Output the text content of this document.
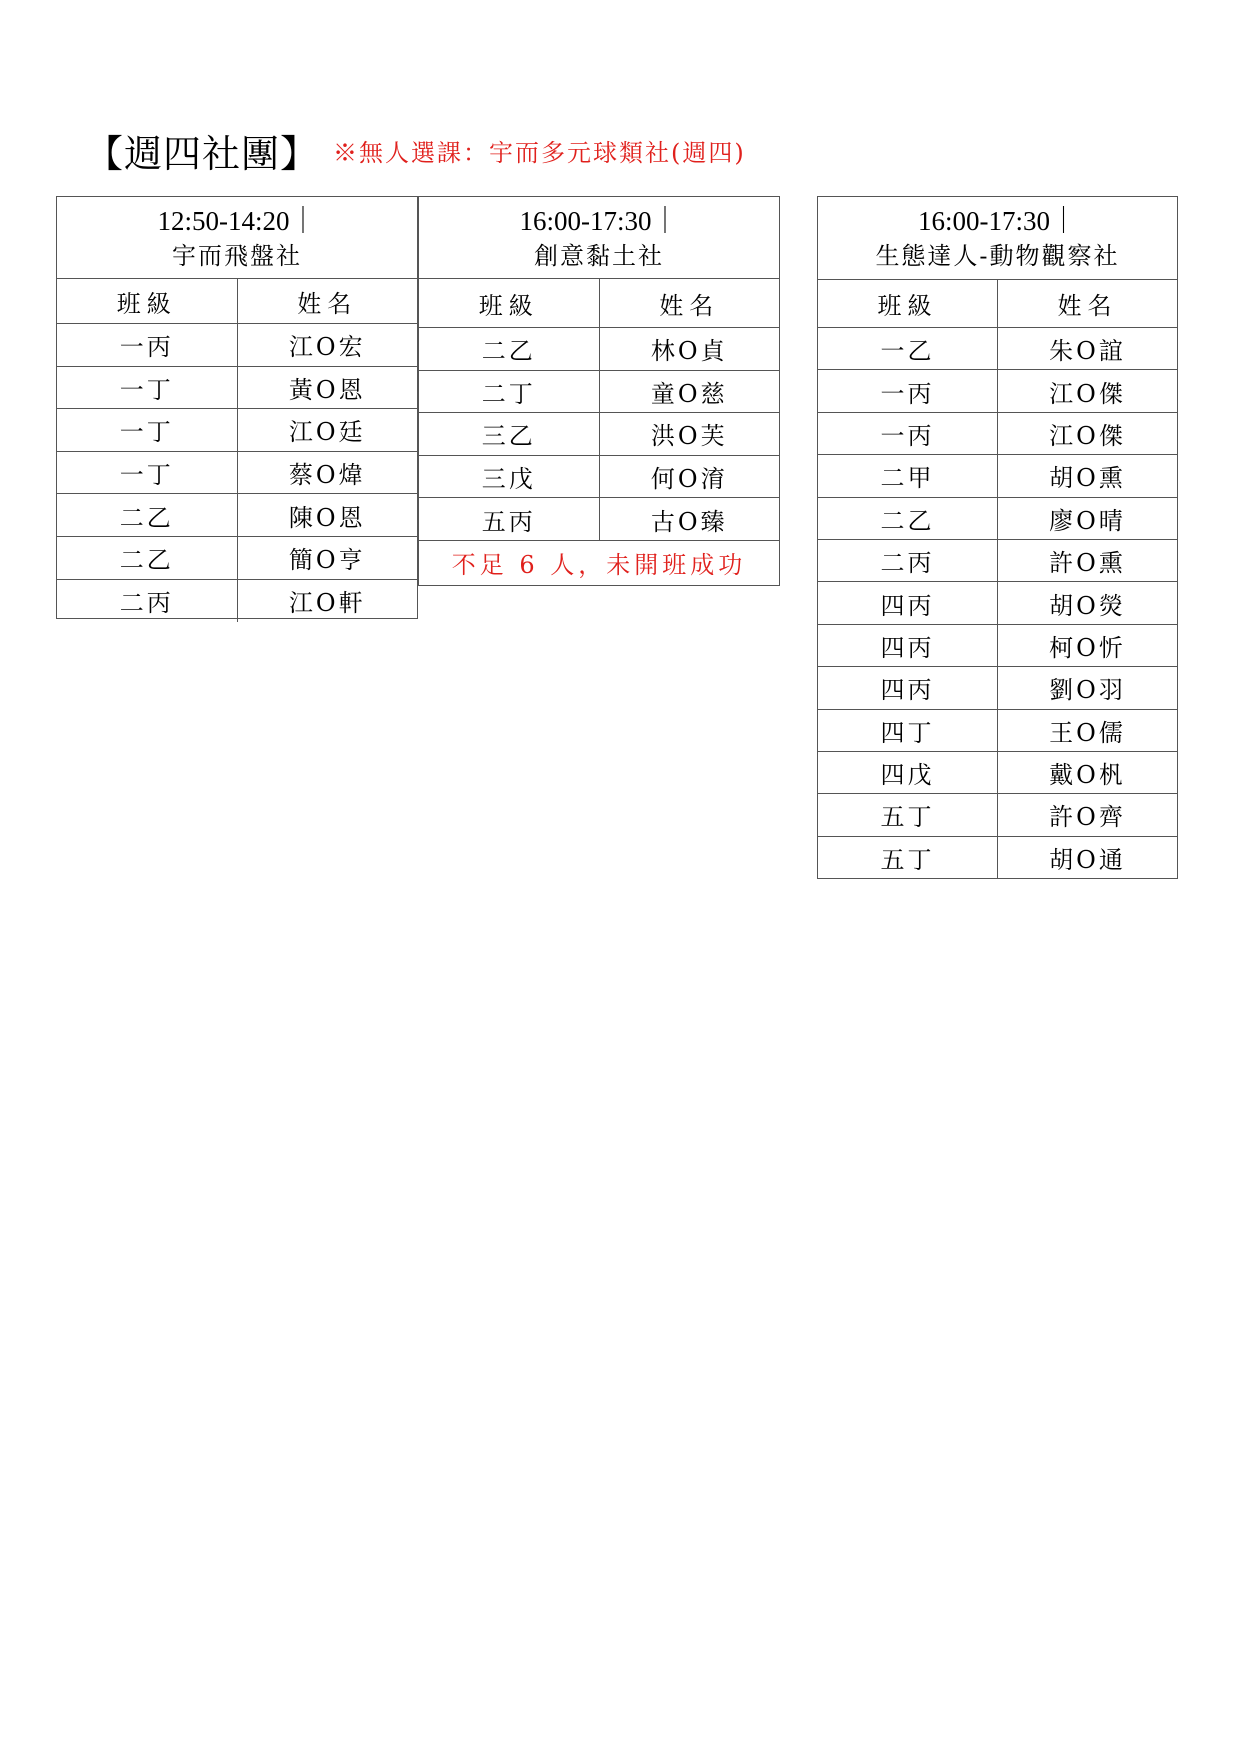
【週四社團】 ※無人選課：宇而多元球類社(週四)
12:50-14:20｜
宇而飛盤社
班級	姓名
一丙	江O宏
一丁	黃O恩
一丁	江O廷
一丁	蔡O煒
二乙	陳O恩
二乙	簡O亨
二丙	江O軒
16:00-17:30｜
創意黏土社
班級	姓名
二乙	林O貞
二丁	童O慈
三乙	洪O芙
三戊	何O淯
五丙	古O臻
不足 6 人，未開班成功
16:00-17:30｜
生態達人-動物觀察社
班級	姓名
一乙	朱O誼
一丙	江O傑
一丙	江O傑
二甲	胡O熏
二乙	廖O晴
二丙	許O熏
四丙	胡O熒
四丙	柯O忻
四丙	劉O羽
四丁	王O儒
四戊	戴O杋
五丁	許O齊
五丁	胡O通
